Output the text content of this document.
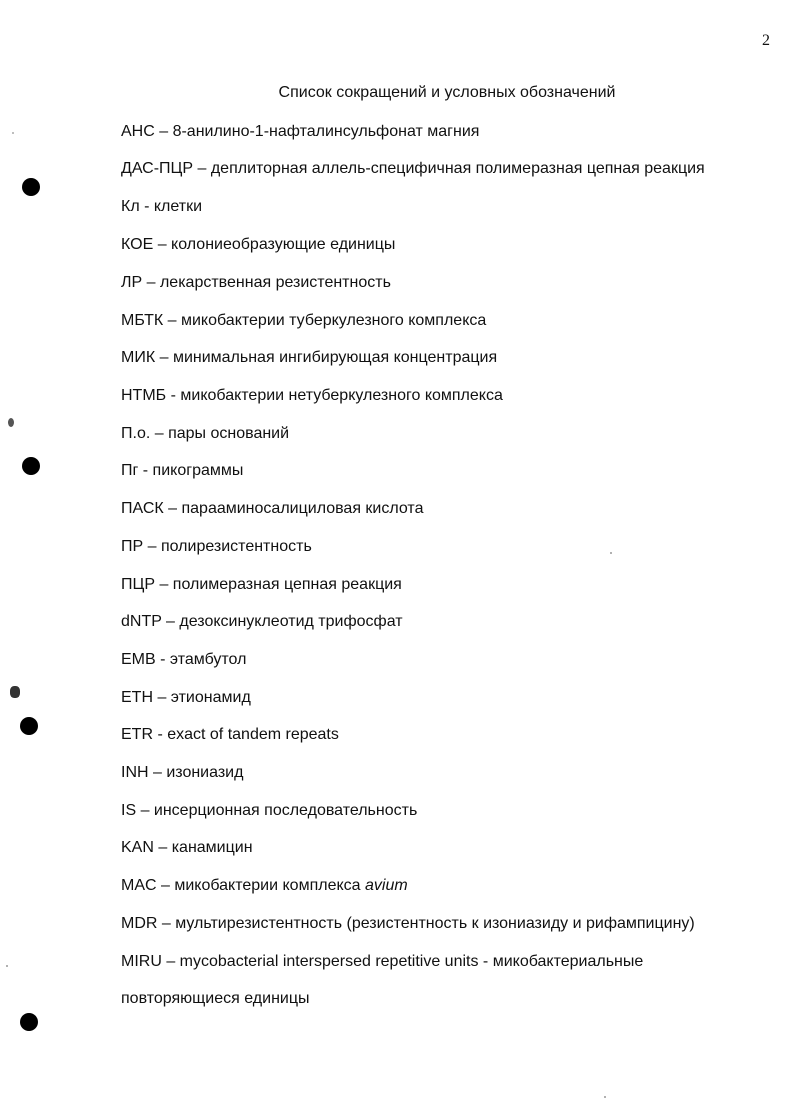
2
Список сокращений и условных обозначений
АНС – 8-анилино-1-нафталинсульфонат магния
ДАС-ПЦР – деплиторная аллель-специфичная полимеразная цепная реакция
Кл - клетки
КОЕ – колониеобразующие единицы
ЛР – лекарственная резистентность
МБТК – микобактерии туберкулезного комплекса
МИК – минимальная ингибирующая концентрация
НТМБ - микобактерии нетуберкулезного комплекса
П.о. – пары оснований
Пг - пикограммы
ПАСК – парааминосалициловая кислота
ПР – полирезистентность
ПЦР – полимеразная цепная реакция
dNTP – дезоксинуклеотид трифосфат
EMB - этамбутол
ETH – этионамид
ETR - exact of tandem repeats
INH – изониазид
IS – инсерционная последовательность
KAN – канамицин
MAC – микобактерии комплекса avium
MDR – мультирезистентность (резистентность к изониазиду и рифампицину)
MIRU – mycobacterial interspersed repetitive units - микобактериальные
повторяющиеся единицы
